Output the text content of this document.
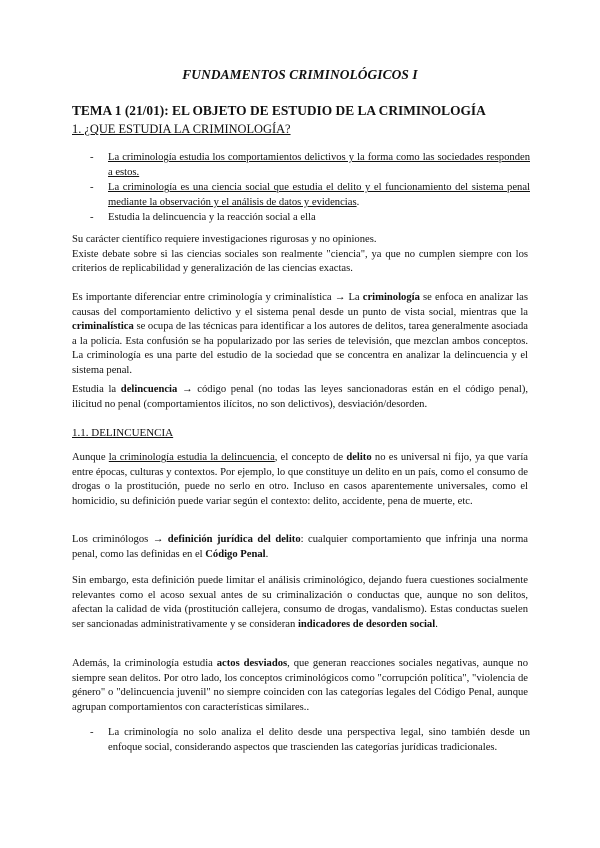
FUNDAMENTOS CRIMINOLÓGICOS I
TEMA 1 (21/01): EL OBJETO DE ESTUDIO DE LA CRIMINOLOGÍA
1. ¿QUE ESTUDIA LA CRIMINOLOGÍA?
- La criminología estudia los comportamientos delictivos y la forma como las sociedades responden a estos.
- La criminología es una ciencia social que estudia el delito y el funcionamiento del sistema penal mediante la observación y el análisis de datos y evidencias.
- Estudia la delincuencia y la reacción social a ella

Su carácter científico requiere investigaciones rigurosas y no opiniones.
Existe debate sobre si las ciencias sociales son realmente "ciencia", ya que no cumplen siempre con los criterios de replicabilidad y generalización de las ciencias exactas.

Es importante diferenciar entre criminología y criminalística → La criminología se enfoca en analizar las causas del comportamiento delictivo y el sistema penal desde un punto de vista social, mientras que la criminalística se ocupa de las técnicas para identificar a los autores de delitos, tarea generalmente asociada a la policía. Esta confusión se ha popularizado por las series de televisión, que mezclan ambos conceptos. La criminología es una parte del estudio de la sociedad que se concentra en analizar la delincuencia y el sistema penal.

Estudia la delincuencia → código penal (no todas las leyes sancionadoras están en el código penal), ilicitud no penal (comportamientos ilícitos, no son delictivos), desviación/desorden.

1.1. DELINCUENCIA

Aunque la criminología estudia la delincuencia, el concepto de delito no es universal ni fijo, ya que varía entre épocas, culturas y contextos. Por ejemplo, lo que constituye un delito en un país, como el consumo de drogas o la prostitución, puede no serlo en otro. Incluso en casos aparentemente universales, como el homicidio, su definición puede variar según el contexto: delito, accidente, pena de muerte, etc.

Los criminólogos → definición jurídica del delito: cualquier comportamiento que infrinja una norma penal, como las definidas en el Código Penal.

Sin embargo, esta definición puede limitar el análisis criminológico, dejando fuera cuestiones socialmente relevantes como el acoso sexual antes de su criminalización o conductas que, aunque no son delitos, afectan la calidad de vida (prostitución callejera, consumo de drogas, vandalismo). Estas conductas suelen ser sancionadas administrativamente y se consideran indicadores de desorden social.

Además, la criminología estudia actos desviados, que generan reacciones sociales negativas, aunque no siempre sean delitos. Por otro lado, los conceptos criminológicos como "corrupción política", "violencia de género" o "delincuencia juvenil" no siempre coinciden con las categorías legales del Código Penal, aunque agrupan comportamientos con características similares..

- La criminología no solo analiza el delito desde una perspectiva legal, sino también desde un enfoque social, considerando aspectos que trascienden las categorías jurídicas tradicionales.
